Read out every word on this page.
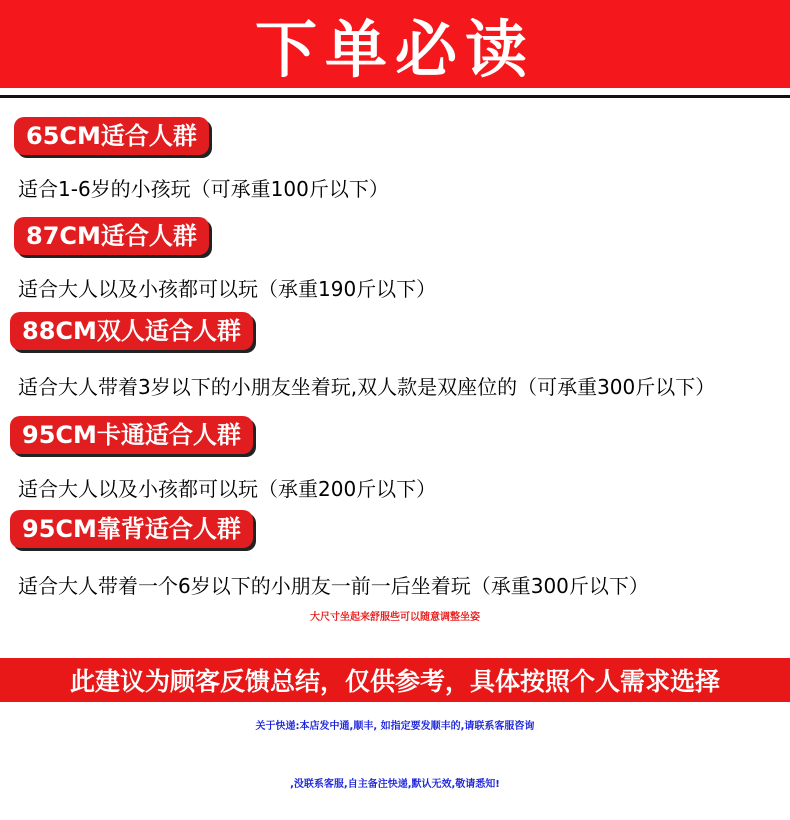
下单必读
65CM适合人群
适合1-6岁的小孩玩（可承重100斤以下）
87CM适合人群
适合大人以及小孩都可以玩（承重190斤以下）
88CM双人适合人群
适合大人带着3岁以下的小朋友坐着玩,双人款是双座位的（可承重300斤以下）
95CM卡通适合人群
适合大人以及小孩都可以玩（承重200斤以下）
95CM靠背适合人群
适合大人带着一个6岁以下的小朋友一前一后坐着玩（承重300斤以下）
大尺寸坐起来舒服些可以随意调整坐姿
此建议为顾客反馈总结，仅供参考，具体按照个人需求选择
关于快递:本店发中通,顺丰, 如指定要发顺丰的,请联系客服咨询
,没联系客服,自主备注快递,默认无效,敬请悉知!
